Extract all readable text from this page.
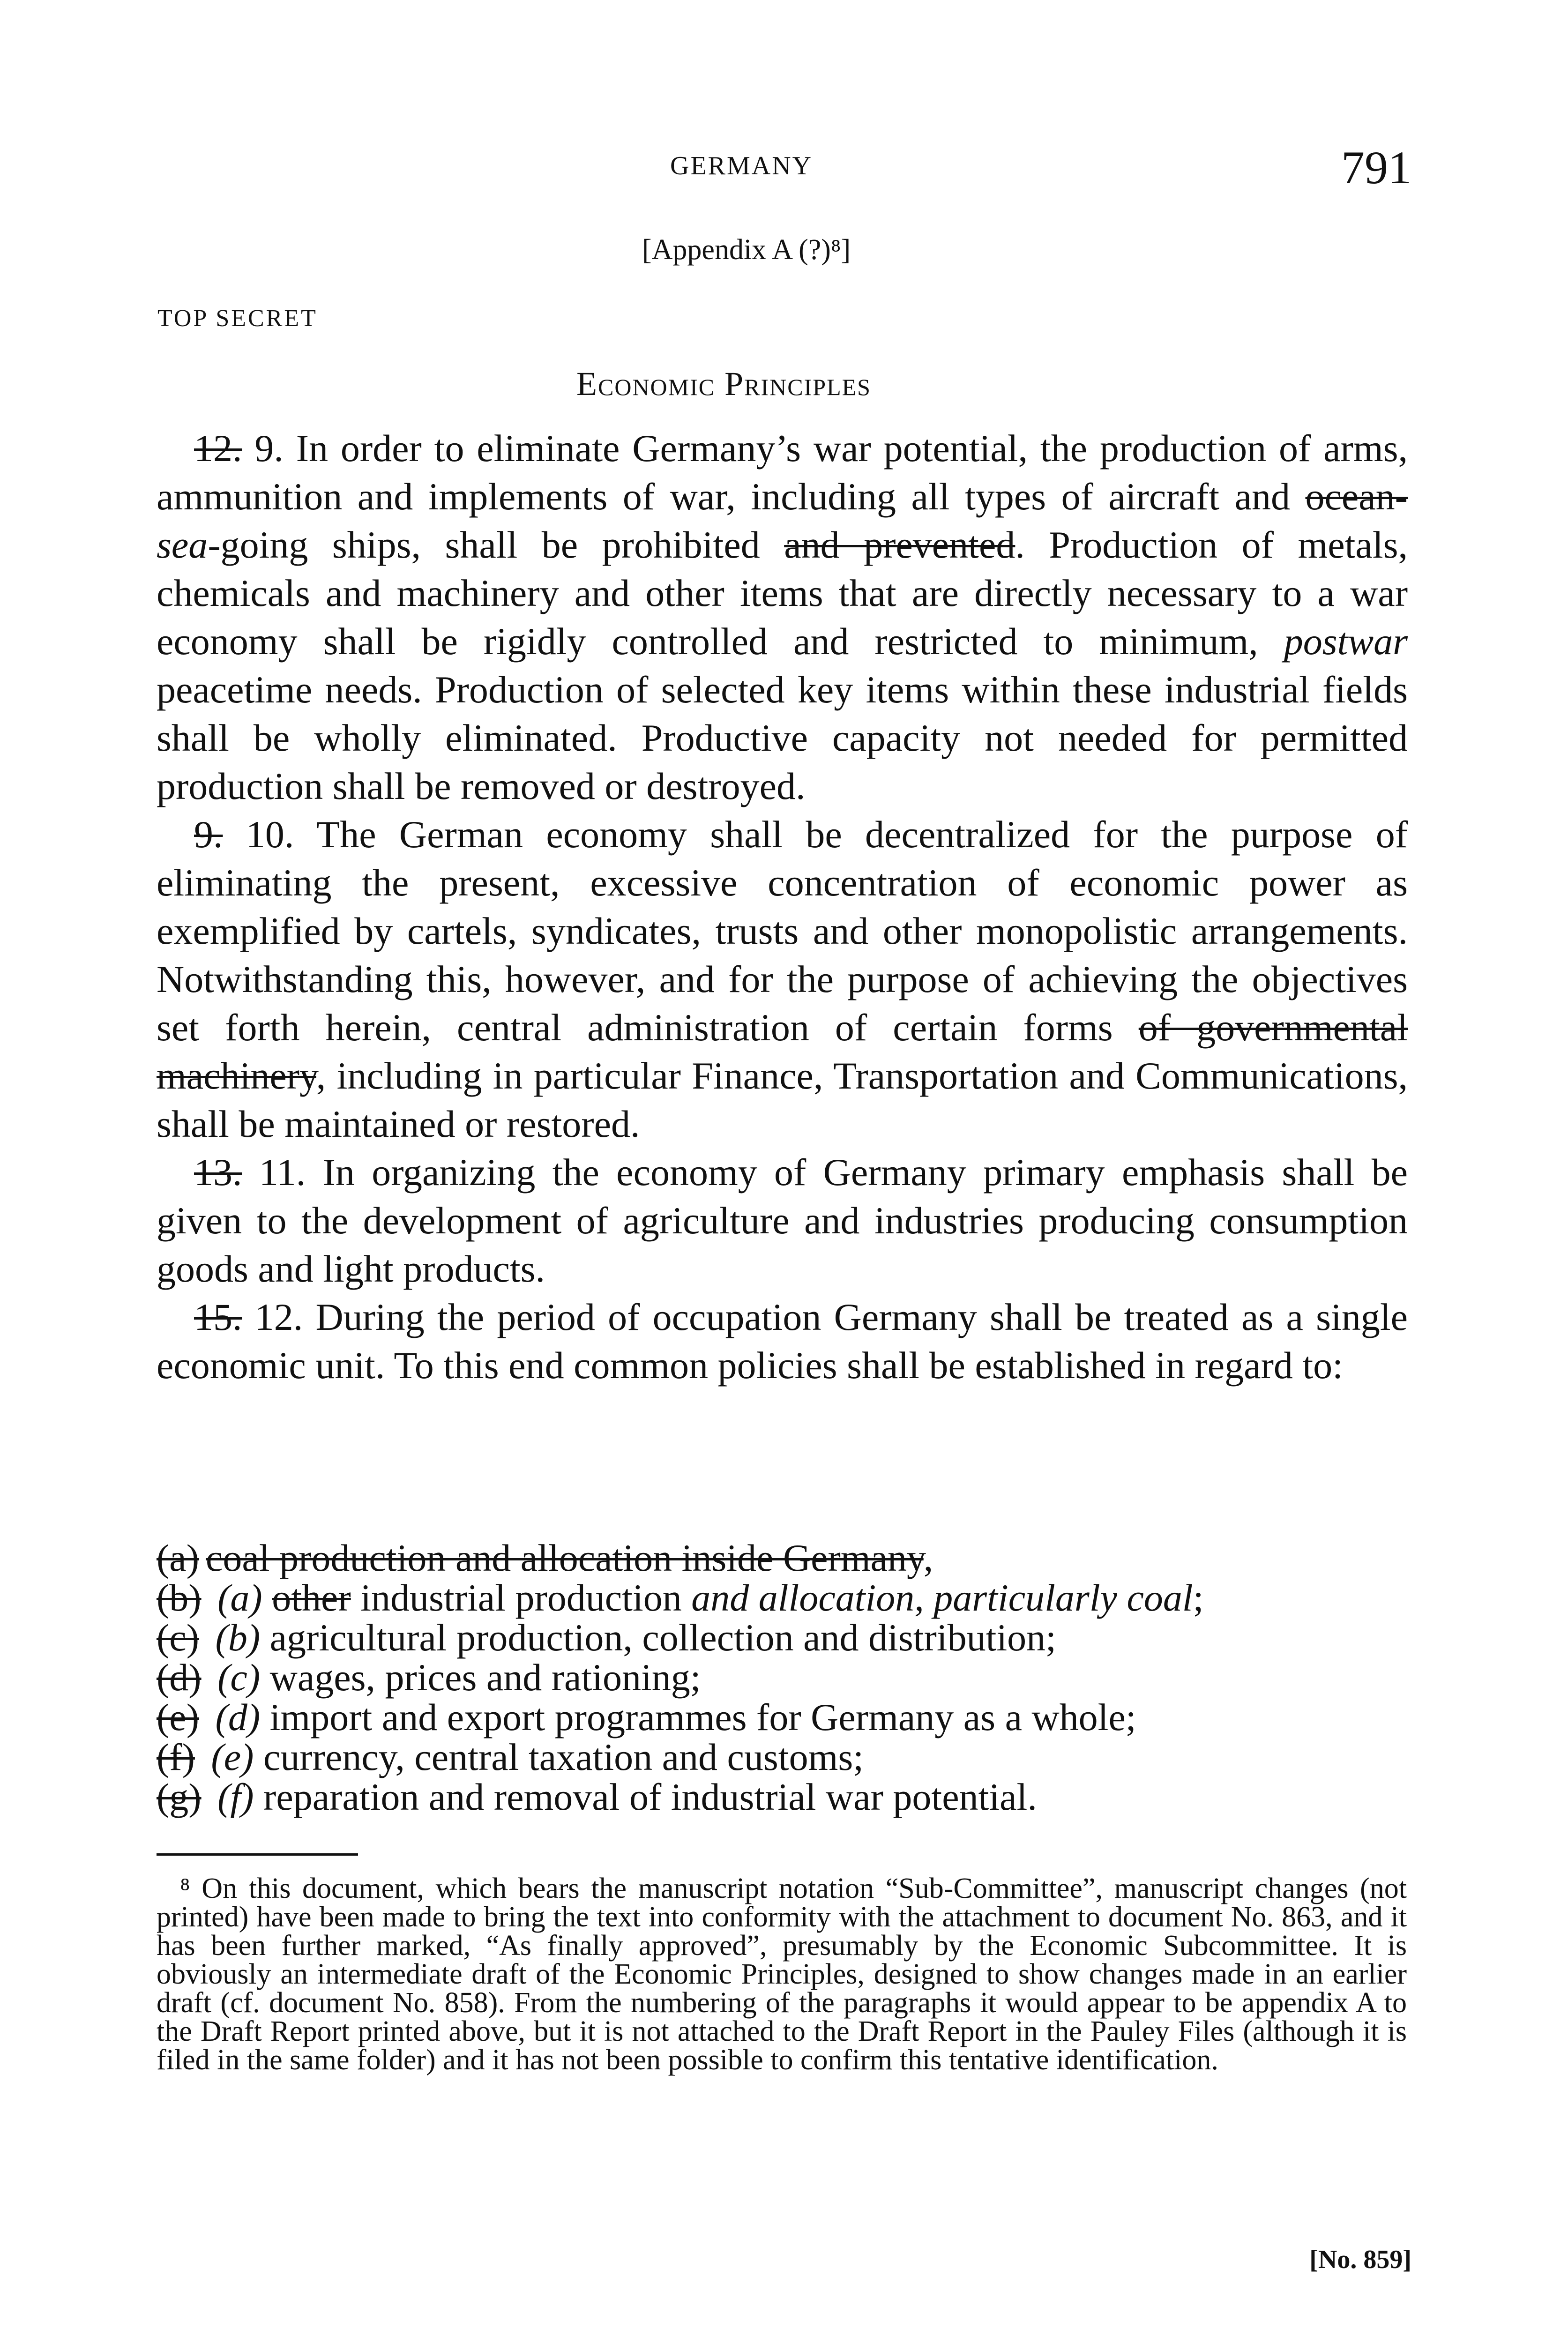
GERMANY	791
[Appendix A (?)⁸]
TOP SECRET
Economic Principles

12. 9. In order to eliminate Germany’s war potential, the production of arms, ammunition and implements of war, including all types of aircraft and ocean- sea-going ships, shall be prohibited and prevented. Production of metals, chemicals and machinery and other items that are directly necessary to a war economy shall be rigidly controlled and restricted to minimum, postwar peacetime needs. Production of selected key items within these industrial fields shall be wholly eliminated. Productive capacity not needed for permitted production shall be removed or destroyed.

9. 10. The German economy shall be decentralized for the purpose of eliminating the present, excessive concentration of economic power as exemplified by cartels, syndicates, trusts and other monopolistic arrangements. Notwithstanding this, however, and for the purpose of achieving the objectives set forth herein, central administration of certain forms of governmental machinery, including in particular Finance, Transportation and Communications, shall be maintained or restored.

13. 11. In organizing the economy of Germany primary emphasis shall be given to the development of agriculture and industries producing consumption goods and light products.

15. 12. During the period of occupation Germany shall be treated as a single economic unit. To this end common policies shall be established in regard to:

(a) coal production and allocation inside Germany,
(b) (a) other industrial production and allocation, particularly coal;
(c) (b) agricultural production, collection and distribution;
(d) (c) wages, prices and rationing;
(e) (d) import and export programmes for Germany as a whole;
(f) (e) currency, central taxation and customs;
(g) (f) reparation and removal of industrial war potential.

⁸ On this document, which bears the manuscript notation “Sub-Committee”, manuscript changes (not printed) have been made to bring the text into conformity with the attachment to document No. 863, and it has been further marked, “As finally approved”, presumably by the Economic Subcommittee. It is obviously an intermediate draft of the Economic Principles, designed to show changes made in an earlier draft (cf. document No. 858). From the numbering of the paragraphs it would appear to be appendix A to the Draft Report printed above, but it is not attached to the Draft Report in the Pauley Files (although it is filed in the same folder) and it has not been possible to confirm this tentative identification.

[No. 859]
